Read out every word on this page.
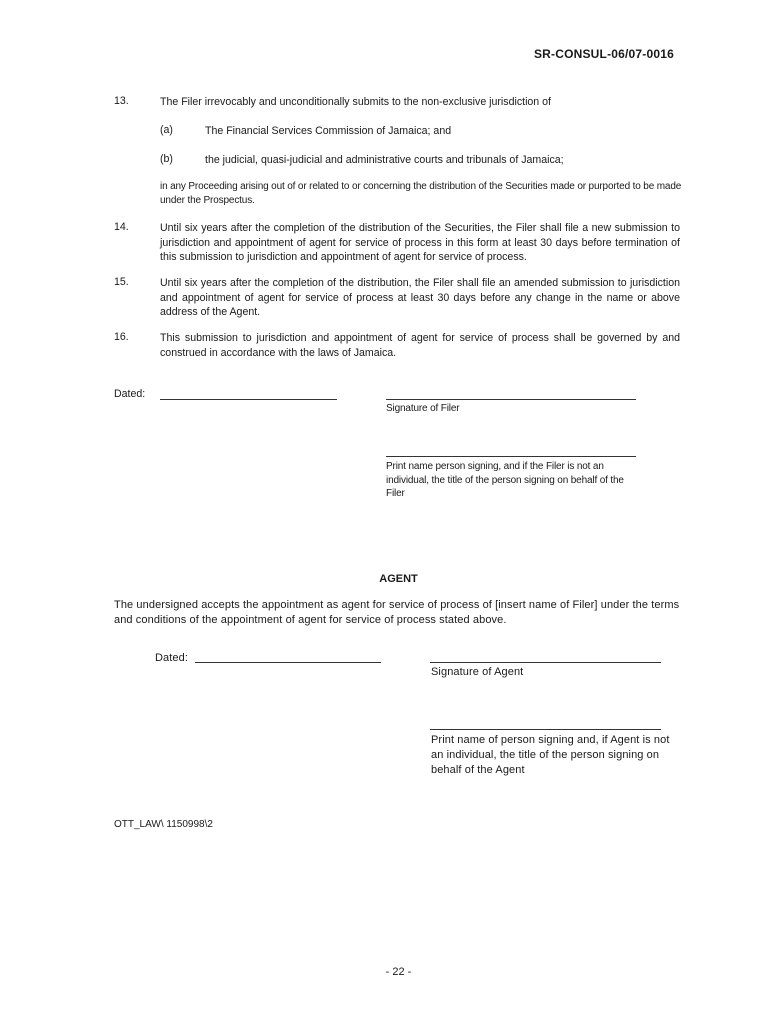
SR-CONSUL-06/07-0016
13.	The Filer irrevocably and unconditionally submits to the non-exclusive jurisdiction of
(a)	The Financial Services Commission of Jamaica; and
(b)	the judicial, quasi-judicial and administrative courts and tribunals of Jamaica;
in any Proceeding arising out of or related to or concerning the distribution of the Securities made or purported to be made under the Prospectus.
14.	Until six years after the completion of the distribution of the Securities, the Filer shall file a new submission to jurisdiction and appointment of agent for service of process in this form at least 30 days before termination of this submission to jurisdiction and appointment of agent for service of process.
15.	Until six years after the completion of the distribution, the Filer shall file an amended submission to jurisdiction and appointment of agent for service of process at least 30 days before any change in the name or above address of the Agent.
16.	This submission to jurisdiction and appointment of agent for service of process shall be governed by and construed in accordance with the laws of Jamaica.
Dated:
Signature of Filer
Print name person signing, and if the Filer is not an individual, the title of the person signing on behalf of the Filer
AGENT
The undersigned accepts the appointment as agent for service of process of [insert name of Filer] under the terms and conditions of the appointment of agent for service of process stated above.
Dated:
Signature of Agent
Print name of person signing and, if Agent is not an individual, the title of the person signing on behalf of the Agent
OTT_LAW\ 1150998\2
- 22 -
